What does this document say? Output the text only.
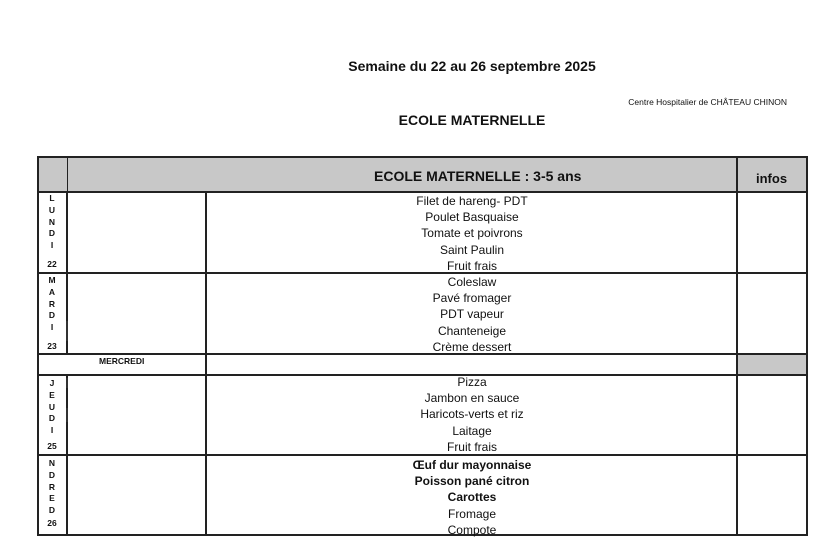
Semaine du 22 au 26 septembre 2025
Centre Hospitalier de CHÂTEAU CHINON
ECOLE MATERNELLE
ECOLE MATERNELLE : 3-5 ans	infos
L
U
N
D
I
22
Filet de hareng- PDT
Poulet Basquaise
Tomate et poivrons
Saint Paulin
Fruit frais
M
A
R
D
I
23
Coleslaw
Pavé fromager
PDT vapeur
Chanteneige
Crème dessert
MERCREDI
J
E
U
D
I
25
Pizza
Jambon en sauce
Haricots-verts et riz
Laitage
Fruit frais
N
D
R
E
D
26
Œuf dur mayonnaise
Poisson pané citron
Carottes
Fromage
Compote
